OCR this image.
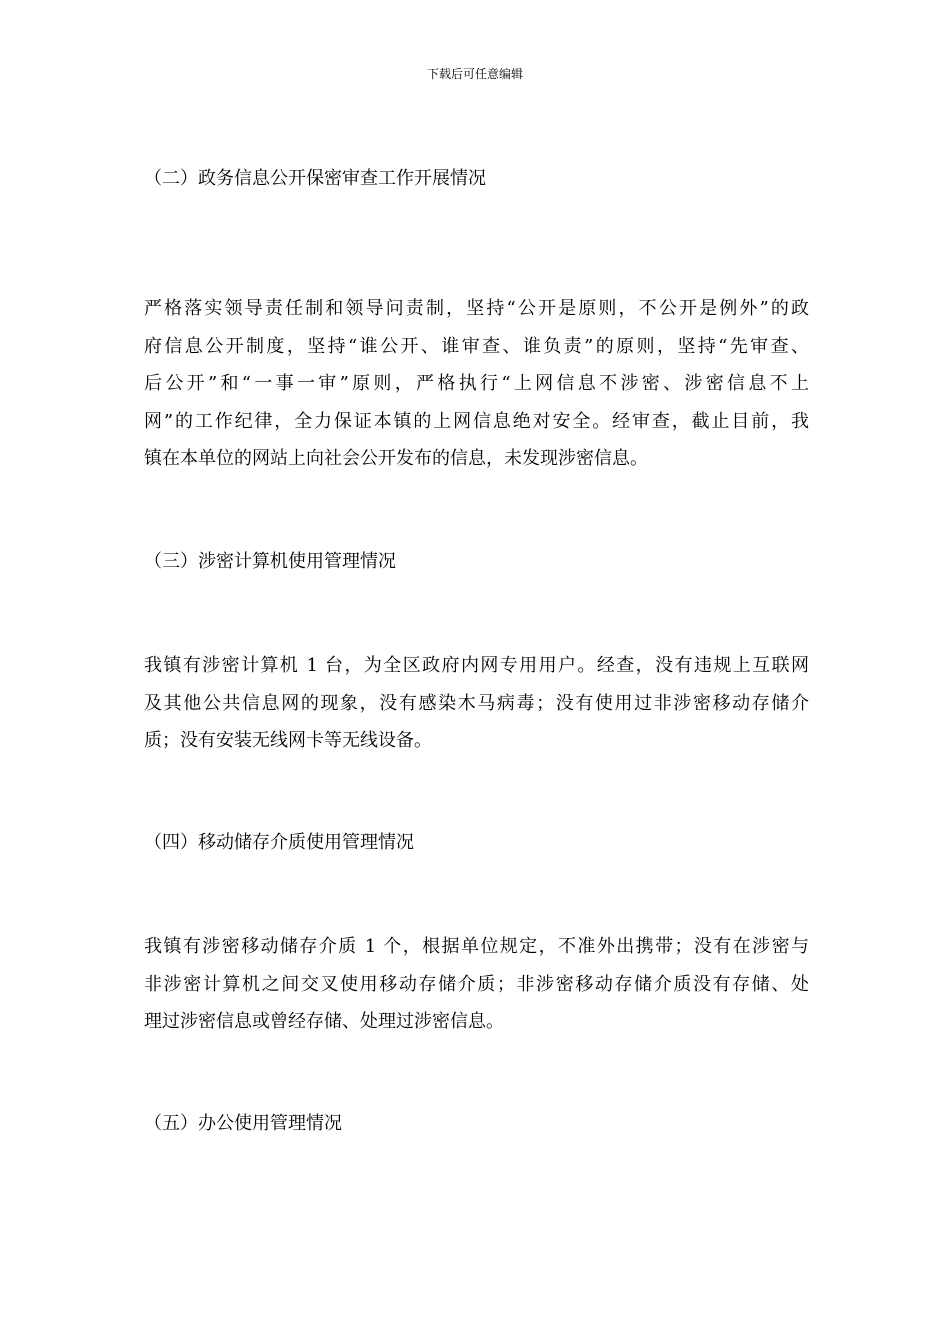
下载后可任意编辑
（二）政务信息公开保密审查工作开展情况
严格落实领导责任制和领导问责制，坚持“公开是原则，不公开是例外”的政
府信息公开制度，坚持“谁公开、谁审查、谁负责”的原则，坚持“先审查、
后公开”和“一事一审”原则，严格执行“上网信息不涉密、涉密信息不上
网”的工作纪律，全力保证本镇的上网信息绝对安全。经审查，截止目前，我
镇在本单位的网站上向社会公开发布的信息，未发现涉密信息。
（三）涉密计算机使用管理情况
我镇有涉密计算机 1 台，为全区政府内网专用用户。经查，没有违规上互联网
及其他公共信息网的现象，没有感染木马病毒；没有使用过非涉密移动存储介
质；没有安装无线网卡等无线设备。
（四）移动储存介质使用管理情况
我镇有涉密移动储存介质 1 个，根据单位规定，不准外出携带；没有在涉密与
非涉密计算机之间交叉使用移动存储介质；非涉密移动存储介质没有存储、处
理过涉密信息或曾经存储、处理过涉密信息。
（五）办公使用管理情况
